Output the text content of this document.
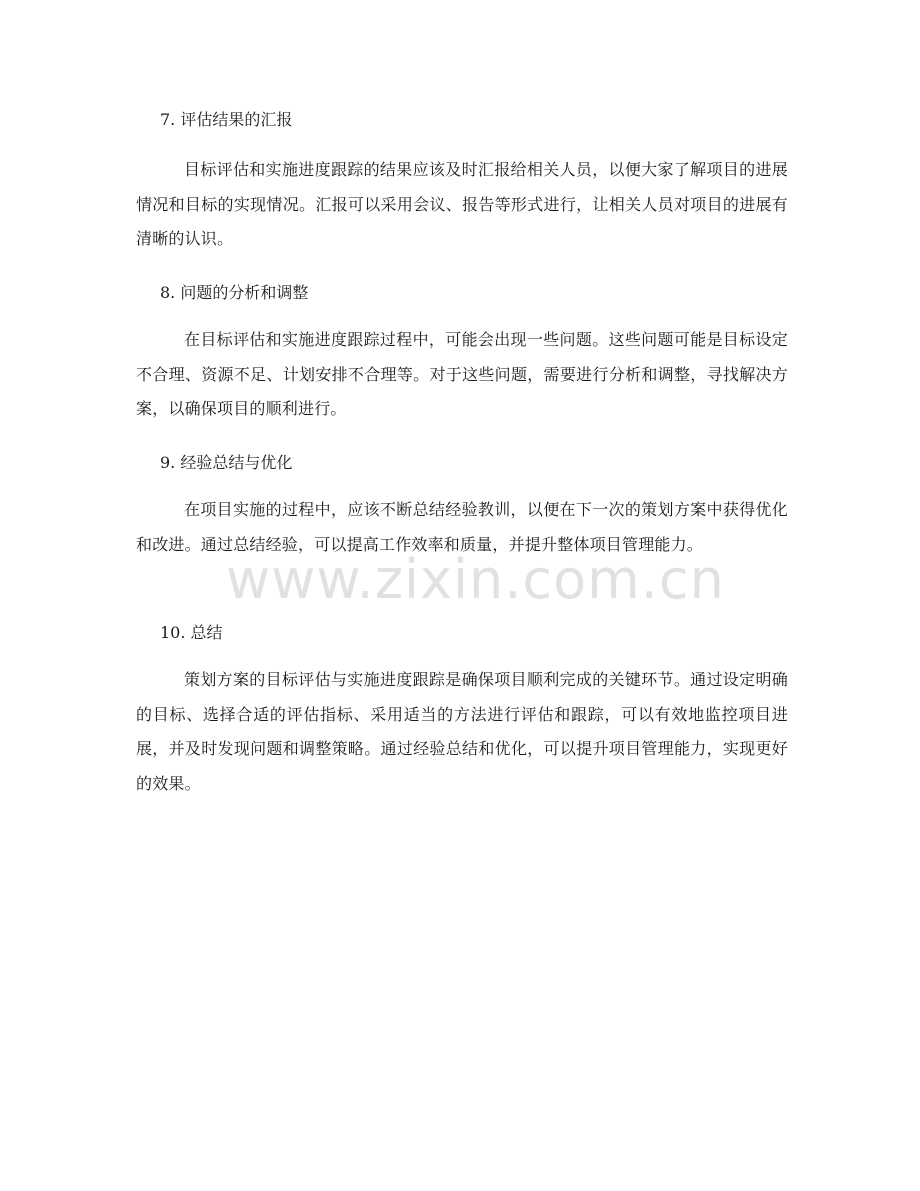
7. 评估结果的汇报
目标评估和实施进度跟踪的结果应该及时汇报给相关人员，以便大家了解项目的进展情况和目标的实现情况。汇报可以采用会议、报告等形式进行，让相关人员对项目的进展有清晰的认识。
8. 问题的分析和调整
在目标评估和实施进度跟踪过程中，可能会出现一些问题。这些问题可能是目标设定不合理、资源不足、计划安排不合理等。对于这些问题，需要进行分析和调整，寻找解决方案，以确保项目的顺利进行。
9. 经验总结与优化
在项目实施的过程中，应该不断总结经验教训，以便在下一次的策划方案中获得优化和改进。通过总结经验，可以提高工作效率和质量，并提升整体项目管理能力。
10. 总结
策划方案的目标评估与实施进度跟踪是确保项目顺利完成的关键环节。通过设定明确的目标、选择合适的评估指标、采用适当的方法进行评估和跟踪，可以有效地监控项目进展，并及时发现问题和调整策略。通过经验总结和优化，可以提升项目管理能力，实现更好的效果。
www.zixin.com.cn
